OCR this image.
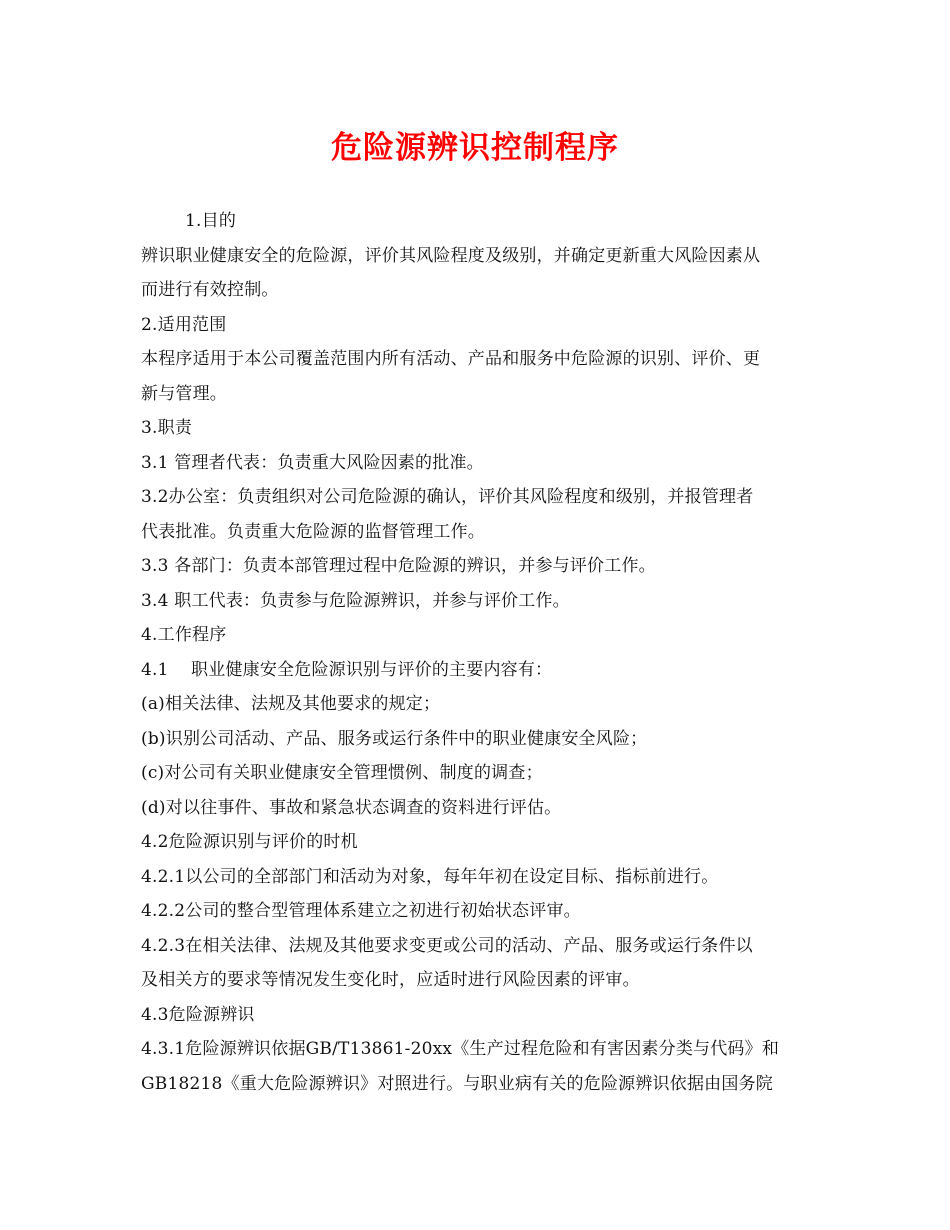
危险源辨识控制程序

1.目的

辨识职业健康安全的危险源，评价其风险程度及级别，并确定更新重大风险因素从

而进行有效控制。

2.适用范围

本程序适用于本公司覆盖范围内所有活动、产品和服务中危险源的识别、评价、更

新与管理。

3.职责

3.1 管理者代表：负责重大风险因素的批准。

3.2办公室：负责组织对公司危险源的确认，评价其风险程度和级别，并报管理者

代表批准。负责重大危险源的监督管理工作。

3.3 各部门：负责本部管理过程中危险源的辨识，并参与评价工作。

3.4 职工代表：负责参与危险源辨识，并参与评价工作。

4.工作程序

4.1    职业健康安全危险源识别与评价的主要内容有：

(a)相关法律、法规及其他要求的规定；

(b)识别公司活动、产品、服务或运行条件中的职业健康安全风险；

(c)对公司有关职业健康安全管理惯例、制度的调查；

(d)对以往事件、事故和紧急状态调查的资料进行评估。

4.2危险源识别与评价的时机

4.2.1以公司的全部部门和活动为对象，每年年初在设定目标、指标前进行。

4.2.2公司的整合型管理体系建立之初进行初始状态评审。

4.2.3在相关法律、法规及其他要求变更或公司的活动、产品、服务或运行条件以

及相关方的要求等情况发生变化时，应适时进行风险因素的评审。

4.3危险源辨识

4.3.1危险源辨识依据GB/T13861-20xx《生产过程危险和有害因素分类与代码》和

GB18218《重大危险源辨识》对照进行。与职业病有关的危险源辨识依据由国务院
